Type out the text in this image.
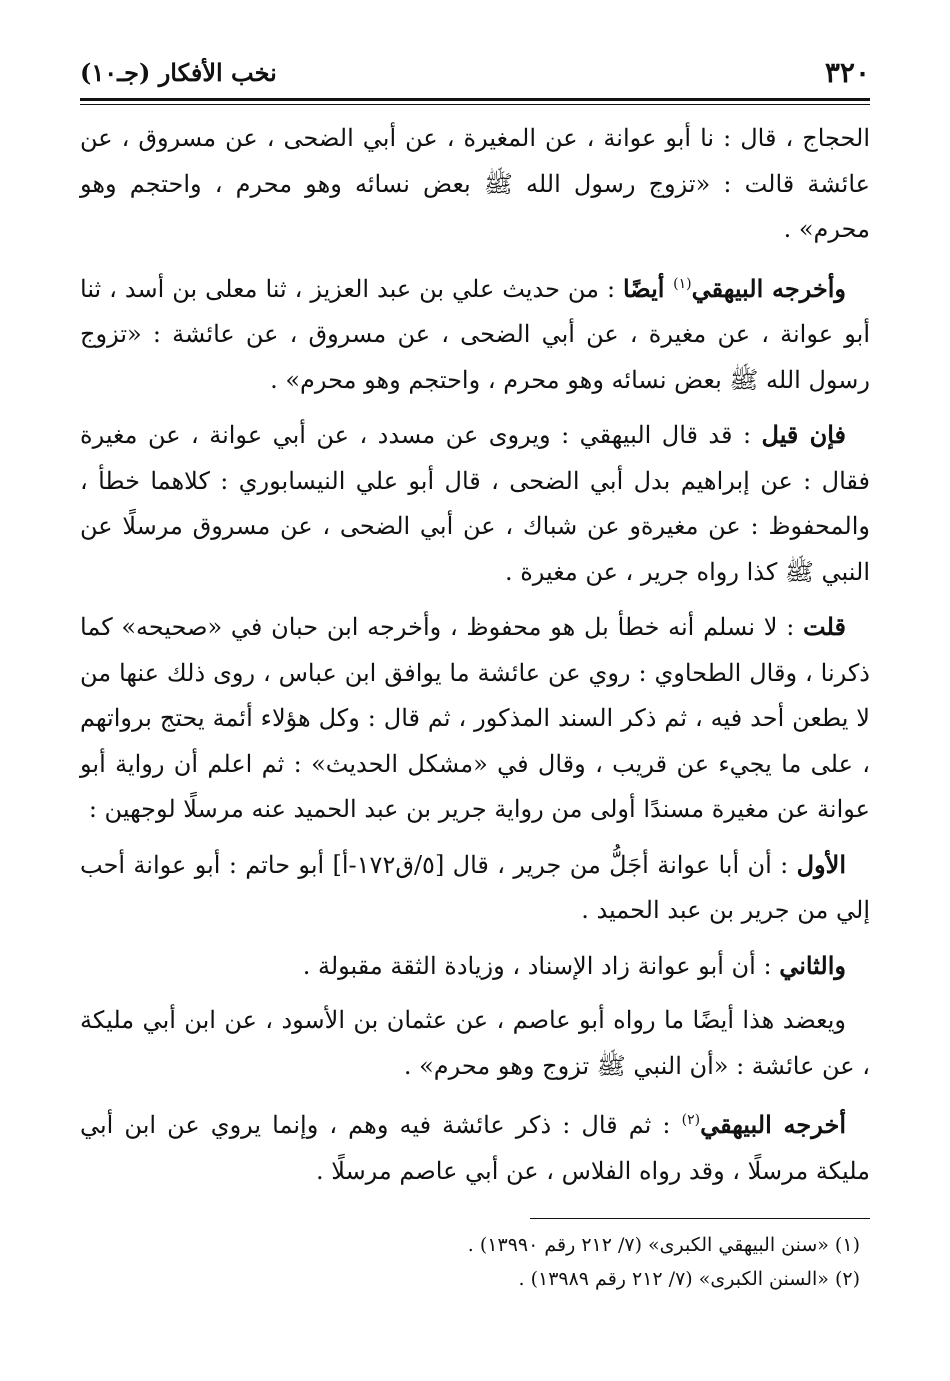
٣٢٠
نخب الأفكار (جـ١٠)

الحجاج ، قال : نا أبو عوانة ، عن المغيرة ، عن أبي الضحى ، عن مسروق ، عن عائشة قالت : «تزوج رسول الله ﷺ بعض نسائه وهو محرم ، واحتجم وهو محرم» .

وأخرجه البيهقي$^{(١)}$ أيضًا : من حديث علي بن عبد العزيز ، ثنا معلى بن أسد ، ثنا أبو عوانة ، عن مغيرة ، عن أبي الضحى ، عن مسروق ، عن عائشة : «تزوج رسول الله ﷺ بعض نسائه وهو محرم ، واحتجم وهو محرم» .

فإن قيل : قد قال البيهقي : ويروى عن مسدد ، عن أبي عوانة ، عن مغيرة فقال : عن إبراهيم بدل أبي الضحى ، قال أبو علي النيسابوري : كلاهما خطأ ، والمحفوظ : عن مغيرةو عن شباك ، عن أبي الضحى ، عن مسروق مرسلًا عن النبي ﷺ كذا رواه جرير ، عن مغيرة .

قلت : لا نسلم أنه خطأ بل هو محفوظ ، وأخرجه ابن حبان في «صحيحه» كما ذكرنا ، وقال الطحاوي : روي عن عائشة ما يوافق ابن عباس ، روى ذلك عنها من لا يطعن أحد فيه ، ثم ذكر السند المذكور ، ثم قال : وكل هؤلاء أئمة يحتج برواتهم ، على ما يجيء عن قريب ، وقال في «مشكل الحديث» : ثم اعلم أن رواية أبو عوانة عن مغيرة مسندًا أولى من رواية جرير بن عبد الحميد عنه مرسلًا لوجهين :

الأول : أن أبا عوانة أجَلُّ من جرير ، قال [٥/ق١٧٢-أ] أبو حاتم : أبو عوانة أحب إلي من جرير بن عبد الحميد .

والثاني : أن أبو عوانة زاد الإسناد ، وزيادة الثقة مقبولة .

ويعضد هذا أيضًا ما رواه أبو عاصم ، عن عثمان بن الأسود ، عن ابن أبي مليكة ، عن عائشة : «أن النبي ﷺ تزوج وهو محرم» .

أخرجه البيهقي$^{(٢)}$ : ثم قال : ذكر عائشة فيه وهم ، وإنما يروي عن ابن أبي مليكة مرسلًا ، وقد رواه الفلاس ، عن أبي عاصم مرسلًا .

(١) «سنن البيهقي الكبرى» (٧/ ٢١٢ رقم ١٣٩٩٠) .
(٢) «السنن الكبرى» (٧/ ٢١٢ رقم ١٣٩٨٩) .
